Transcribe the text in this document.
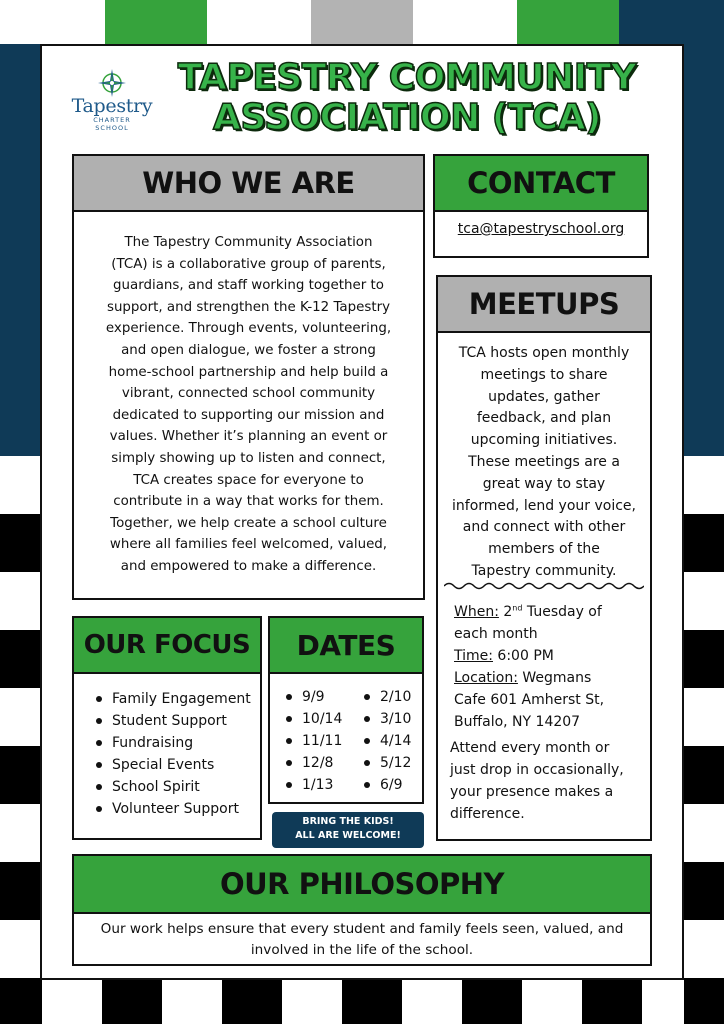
Tapestry
CHARTER
SCHOOL
TAPESTRY COMMUNITY
ASSOCIATION (TCA)
WHO WE ARE
The Tapestry Community Association
(TCA) is a collaborative group of parents,
guardians, and staff working together to
support, and strengthen the K-12 Tapestry
experience. Through events, volunteering,
and open dialogue, we foster a strong
home-school partnership and help build a
vibrant, connected school community
dedicated to supporting our mission and
values. Whether it’s planning an event or
simply showing up to listen and connect,
TCA creates space for everyone to
contribute in a way that works for them.
Together, we help create a school culture
where all families feel welcomed, valued,
and empowered to make a difference.
CONTACT
tca@tapestryschool.org
MEETUPS
TCA hosts open monthly
meetings to share
updates, gather
feedback, and plan
upcoming initiatives.
These meetings are a
great way to stay
informed, lend your voice,
and connect with other
members of the
Tapestry community.
When: 2nd Tuesday of
each month
Time: 6:00 PM
Location: Wegmans
Cafe 601 Amherst St,
Buffalo, NY 14207
Attend every month or
just drop in occasionally,
your presence makes a
difference.
OUR FOCUS
Family Engagement
Student Support
Fundraising
Special Events
School Spirit
Volunteer Support
DATES
9/9
10/14
11/11
12/8
1/13
2/10
3/10
4/14
5/12
6/9
BRING THE KIDS!
ALL ARE WELCOME!
OUR PHILOSOPHY
Our work helps ensure that every student and family feels seen, valued, and
involved in the life of the school.
